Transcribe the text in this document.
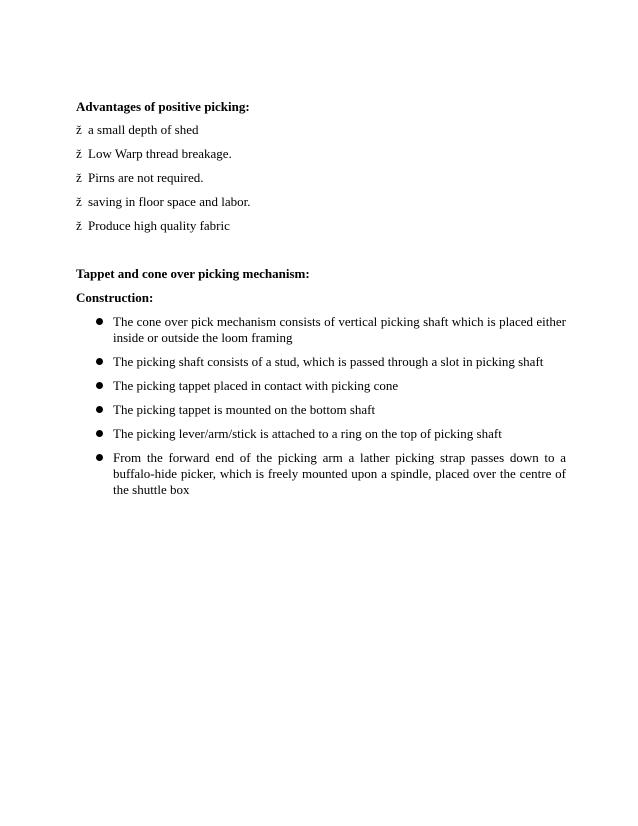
Advantages of positive picking:
ž a small depth of shed
ž Low Warp thread breakage.
ž Pirns are not required.
ž saving in floor space and labor.
ž Produce high quality fabric
Tappet and cone over picking mechanism:
Construction:
The cone over pick mechanism consists of vertical picking shaft which is placed either inside or outside the loom framing
The picking shaft consists of a stud, which is passed through a slot in picking shaft
The picking tappet placed in contact with picking cone
The picking tappet is mounted on the bottom shaft
The picking lever/arm/stick is attached to a ring on the top of picking shaft
From the forward end of the picking arm a lather picking strap passes down to a buffalo-hide picker, which is freely mounted upon a spindle, placed over the centre of the shuttle box
